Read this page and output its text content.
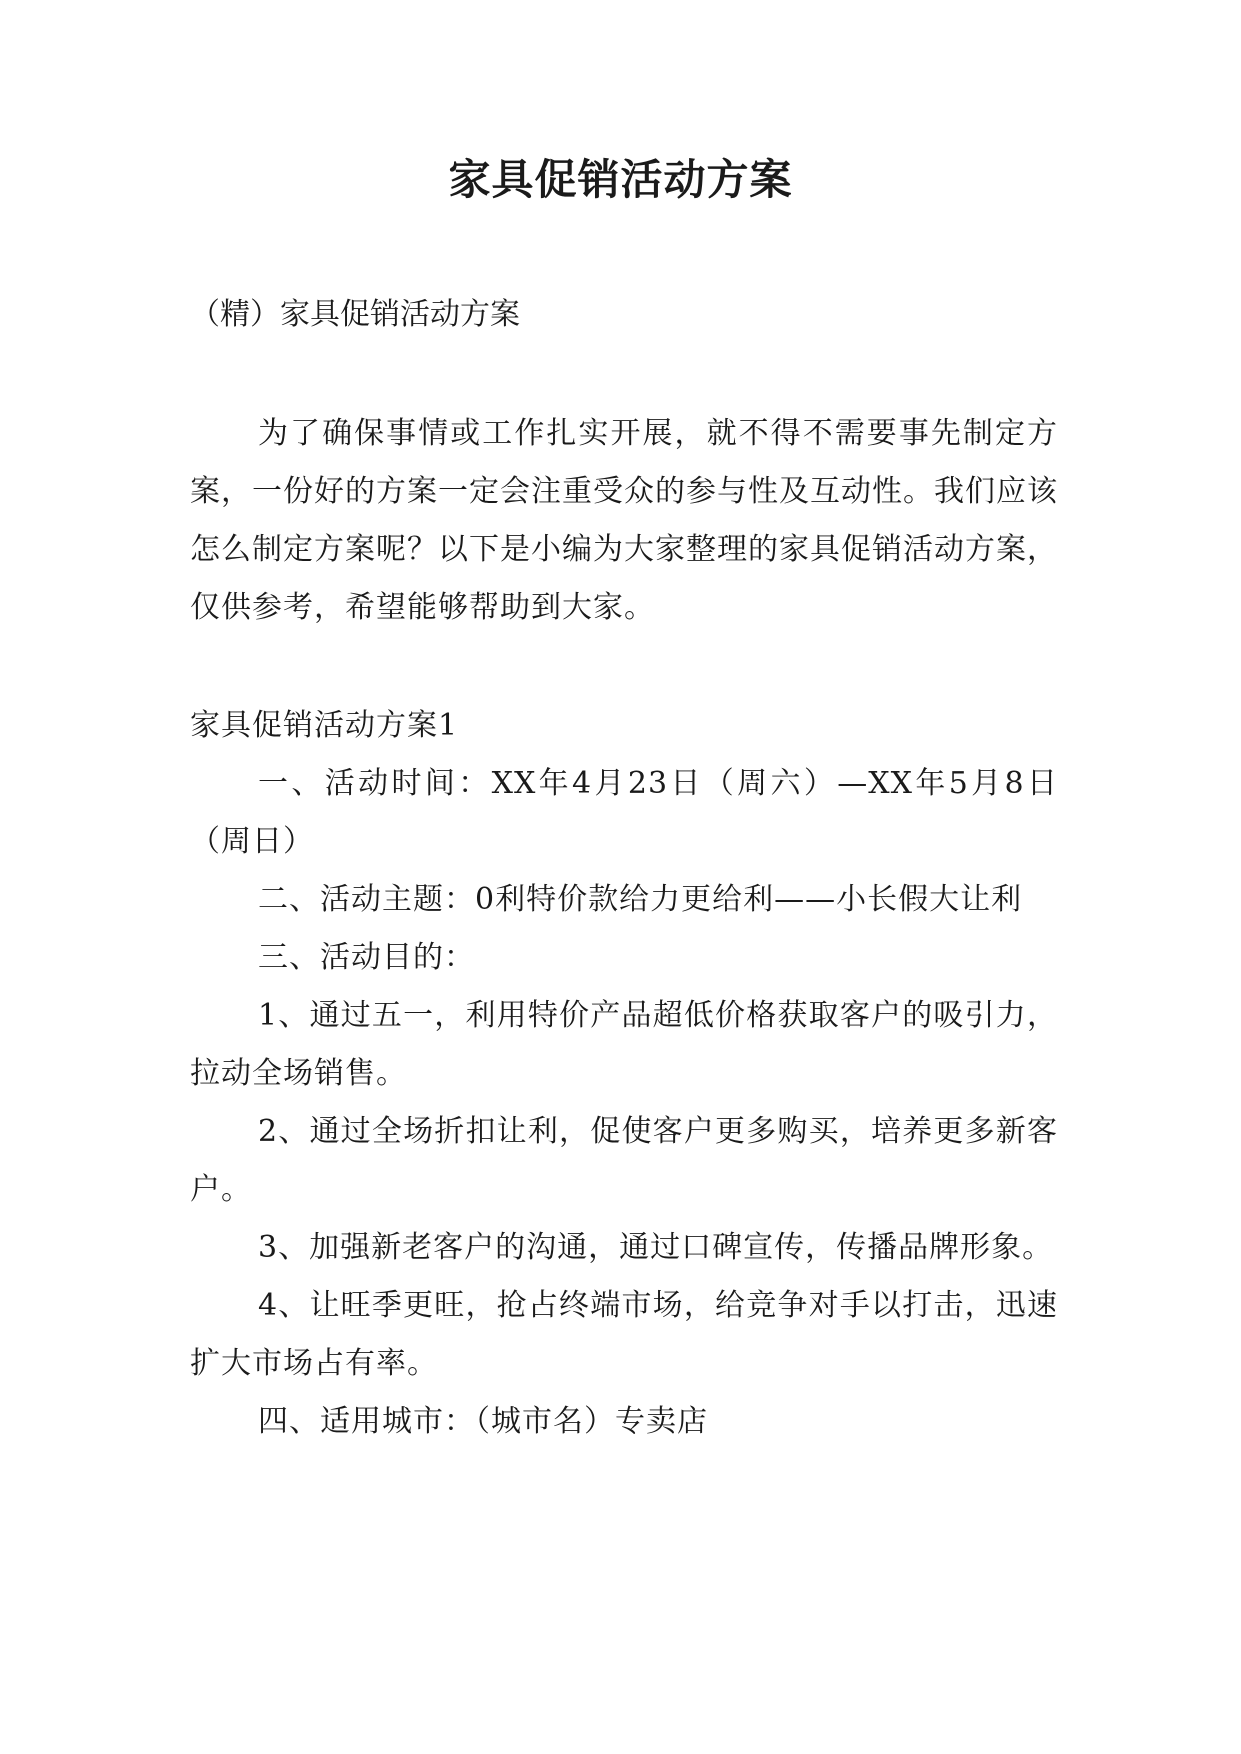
家具促销活动方案

（精）家具促销活动方案

为了确保事情或工作扎实开展，就不得不需要事先制定方案，一份好的方案一定会注重受众的参与性及互动性。我们应该怎么制定方案呢？以下是小编为大家整理的家具促销活动方案，仅供参考，希望能够帮助到大家。

家具促销活动方案1

一、活动时间：XX年4月23日（周六）—XX年5月8日（周日）

二、活动主题：0利特价款给力更给利——小长假大让利

三、活动目的：

1、通过五一，利用特价产品超低价格获取客户的吸引力，拉动全场销售。

2、通过全场折扣让利，促使客户更多购买，培养更多新客户。

3、加强新老客户的沟通，通过口碑宣传，传播品牌形象。

4、让旺季更旺，抢占终端市场，给竞争对手以打击，迅速扩大市场占有率。

四、适用城市：（城市名）专卖店
